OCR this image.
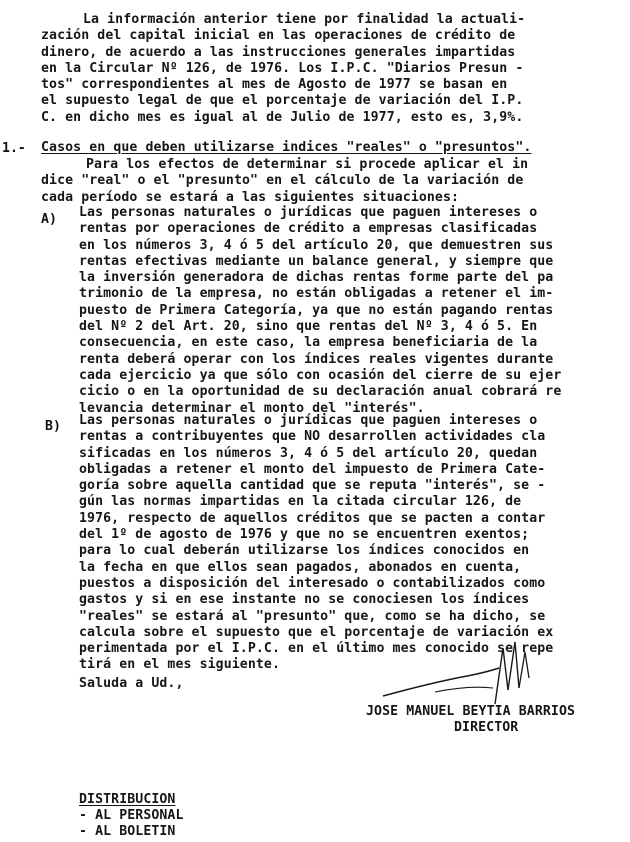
La información anterior tiene por finalidad la actuali-
zación del capital inicial en las operaciones de crédito de
dinero, de acuerdo a las instrucciones generales impartidas
en la Circular Nº 126, de 1976. Los I.P.C. "Diarios Presun -
tos" correspondientes al mes de Agosto de 1977 se basan en
el supuesto legal de que el porcentaje de variación del I.P.
C. en dicho mes es igual al de Julio de 1977, esto es, 3,9%.
1.- Casos en que deben utilizarse indices "reales" o "presuntos".
Para los efectos de determinar si procede aplicar el in
dice "real" o el "presunto" en el cálculo de la variación de
cada período se estará a las siguientes situaciones:
A) Las personas naturales o jurídicas que paguen intereses o
rentas por operaciones de crédito a empresas clasificadas
en los números 3, 4 ó 5 del artículo 20, que demuestren sus
rentas efectivas mediante un balance general, y siempre que
la inversión generadora de dichas rentas forme parte del pa
trimonio de la empresa, no están obligadas a retener el im-
puesto de Primera Categoría, ya que no están pagando rentas
del Nº 2 del Art. 20, sino que rentas del Nº 3, 4 ó 5. En
consecuencia, en este caso, la empresa beneficiaria de la
renta deberá operar con los índices reales vigentes durante
cada ejercicio ya que sólo con ocasión del cierre de su ejer
cicio o en la oportunidad de su declaración anual cobrará re
levancia determinar el monto del "interés".
B) Las personas naturales o jurídicas que paguen intereses o
rentas a contribuyentes que NO desarrollen actividades cla
sificadas en los números 3, 4 ó 5 del artículo 20, quedan
obligadas a retener el monto del impuesto de Primera Cate-
goría sobre aquella cantidad que se reputa "interés", se -
gún las normas impartidas en la citada circular 126, de
1976, respecto de aquellos créditos que se pacten a contar
del 1º de agosto de 1976 y que no se encuentren exentos;
para lo cual deberán utilizarse los índices conocidos en
la fecha en que ellos sean pagados, abonados en cuenta,
puestos a disposición del interesado o contabilizados como
gastos y si en ese instante no se conociesen los índices
"reales" se estará al "presunto" que, como se ha dicho, se
calcula sobre el supuesto que el porcentaje de variación ex
perimentada por el I.P.C. en el último mes conocido se repe
tirá en el mes siguiente.
Saluda a Ud.,
JOSE MANUEL BEYTIA BARRIOS
DIRECTOR
DISTRIBUCION
- AL PERSONAL
- AL BOLETIN
